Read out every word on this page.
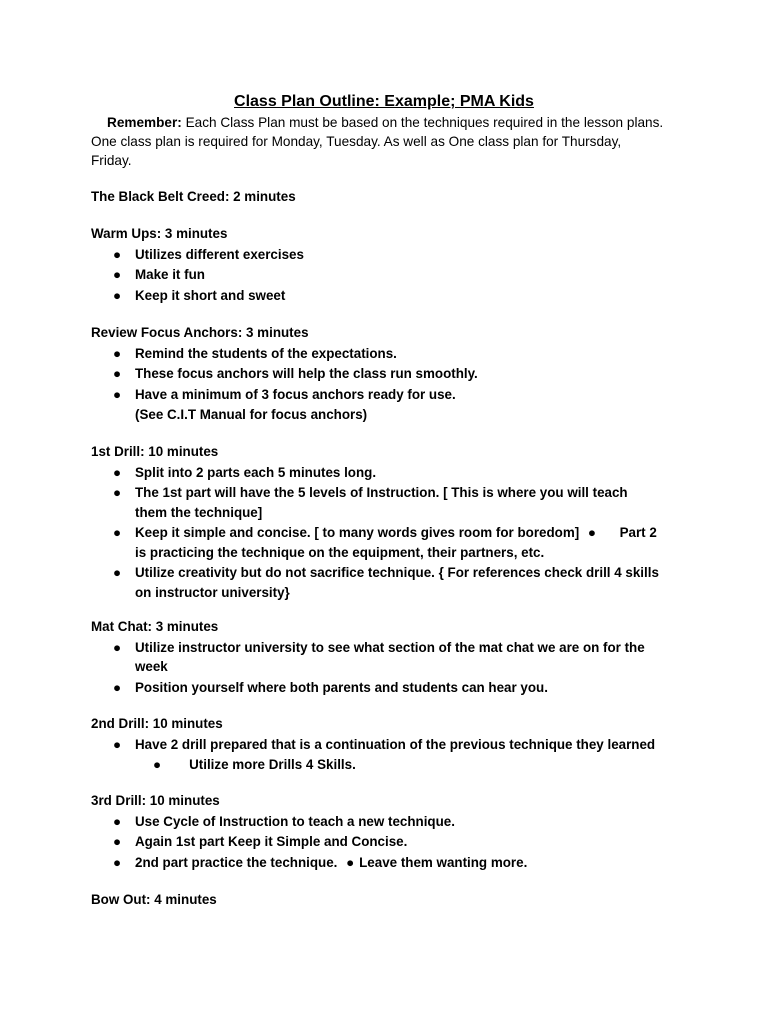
Class Plan Outline: Example; PMA Kids
Remember: Each Class Plan must be based on the techniques required in the lesson plans.
One class plan is required for Monday, Tuesday. As well as One class plan for Thursday,
Friday.
The Black Belt Creed: 2 minutes
Warm Ups: 3 minutes
● Utilizes different exercises
● Make it fun
● Keep it short and sweet
Review Focus Anchors: 3 minutes
● Remind the students of the expectations.
● These focus anchors will help the class run smoothly.
● Have a minimum of 3 focus anchors ready for use.
(See C.I.T Manual for focus anchors)
1st Drill: 10 minutes
● Split into 2 parts each 5 minutes long.
● The 1st part will have the 5 levels of Instruction. [ This is where you will teach
them the technique]
● Keep it simple and concise. [ to many words gives room for boredom] ● Part 2
is practicing the technique on the equipment, their partners, etc.
● Utilize creativity but do not sacrifice technique. { For references check drill 4 skills
on instructor university}
Mat Chat: 3 minutes
● Utilize instructor university to see what section of the mat chat we are on for the
week
● Position yourself where both parents and students can hear you.
2nd Drill: 10 minutes
● Have 2 drill prepared that is a continuation of the previous technique they learned
● Utilize more Drills 4 Skills.
3rd Drill: 10 minutes
● Use Cycle of Instruction to teach a new technique.
● Again 1st part Keep it Simple and Concise.
● 2nd part practice the technique. ● Leave them wanting more.
Bow Out: 4 minutes
